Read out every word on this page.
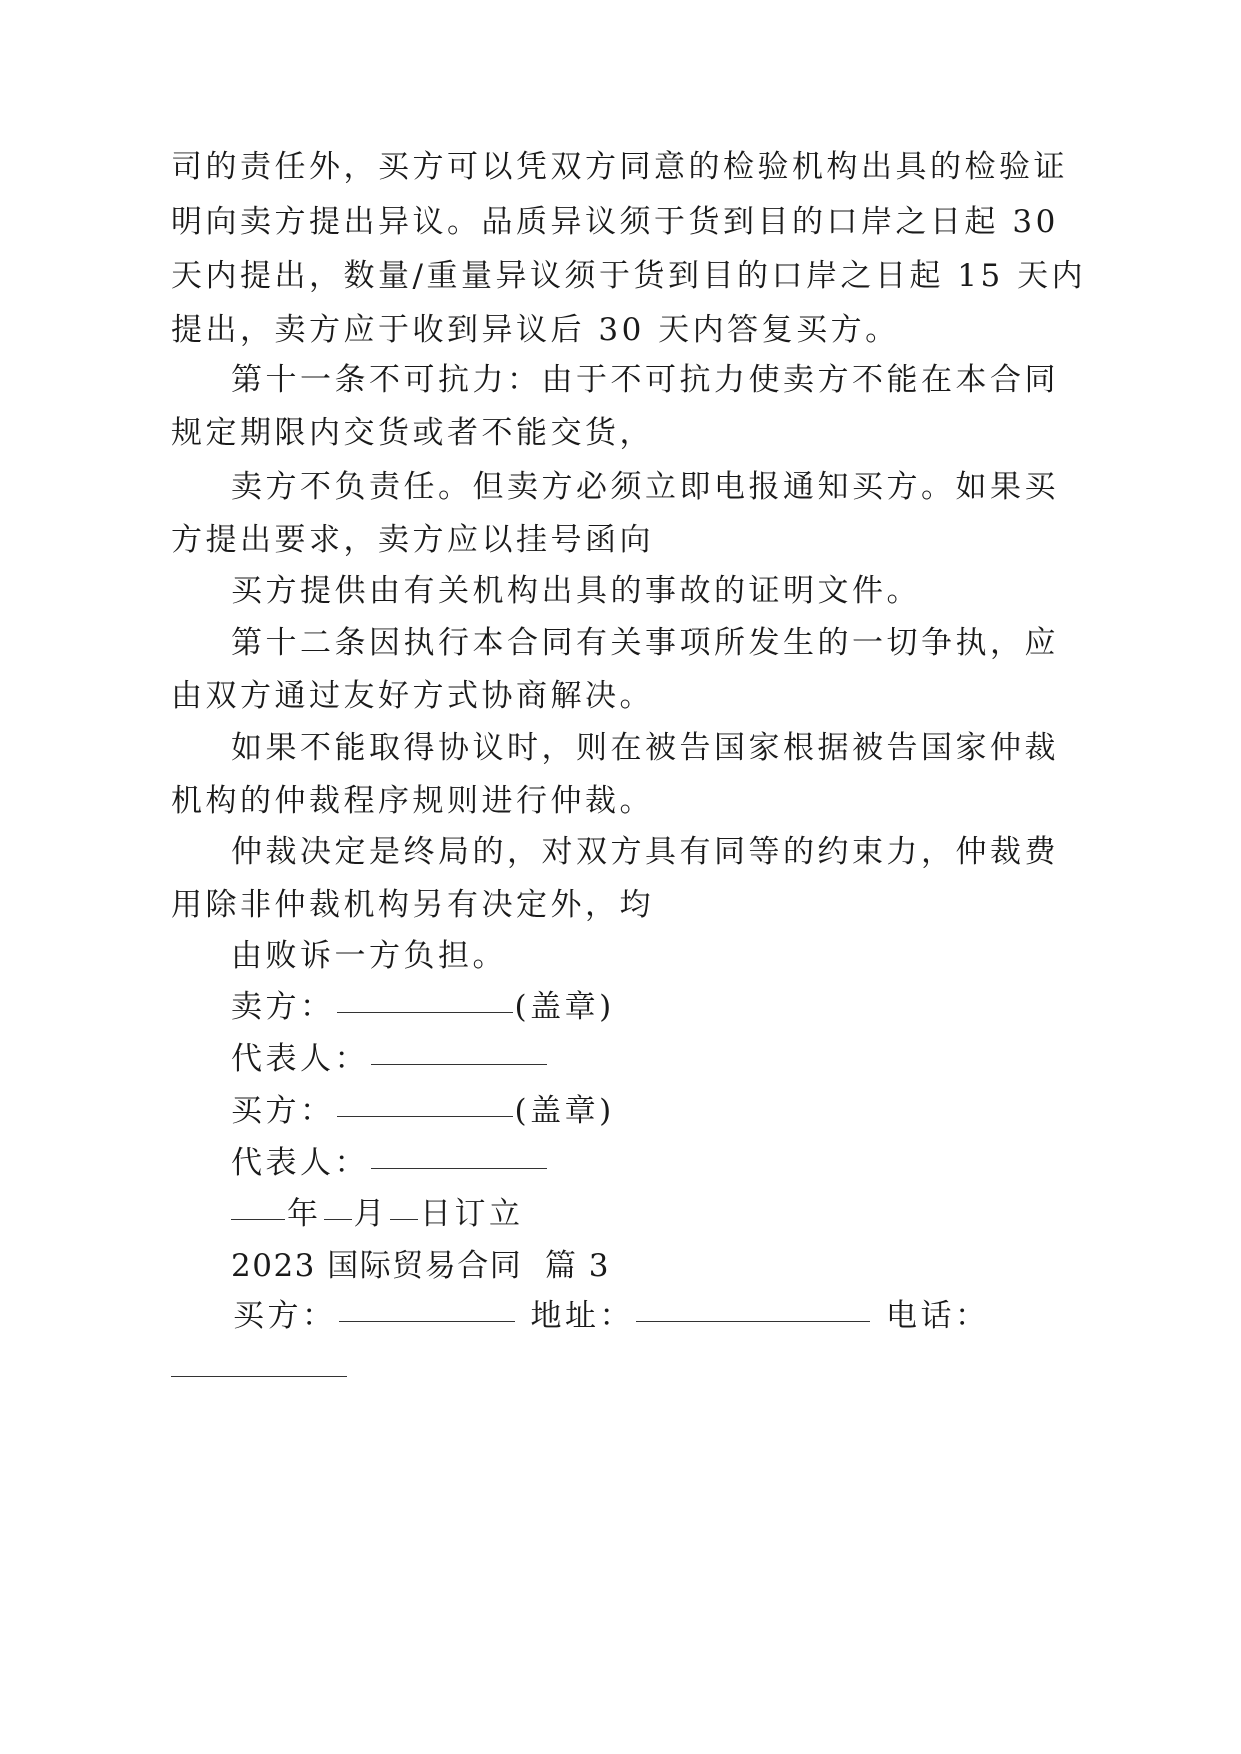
司的责任外，买方可以凭双方同意的检验机构出具的检验证
明向卖方提出异议。品质异议须于货到目的口岸之日起 30
天内提出，数量/重量异议须于货到目的口岸之日起 15 天内
提出，卖方应于收到异议后 30 天内答复买方。
第十一条不可抗力：由于不可抗力使卖方不能在本合同
规定期限内交货或者不能交货，
卖方不负责任。但卖方必须立即电报通知买方。如果买
方提出要求，卖方应以挂号函向
买方提供由有关机构出具的事故的证明文件。
第十二条因执行本合同有关事项所发生的一切争执，应
由双方通过友好方式协商解决。
如果不能取得协议时，则在被告国家根据被告国家仲裁
机构的仲裁程序规则进行仲裁。
仲裁决定是终局的，对双方具有同等的约束力，仲裁费
用除非仲裁机构另有决定外，均
由败诉一方负担。
卖方：	(盖章)
代表人：
买方：	(盖章)
代表人：
年 月 日订立
2023 国际贸易合同  篇 3
买方：	地址：	电话：
